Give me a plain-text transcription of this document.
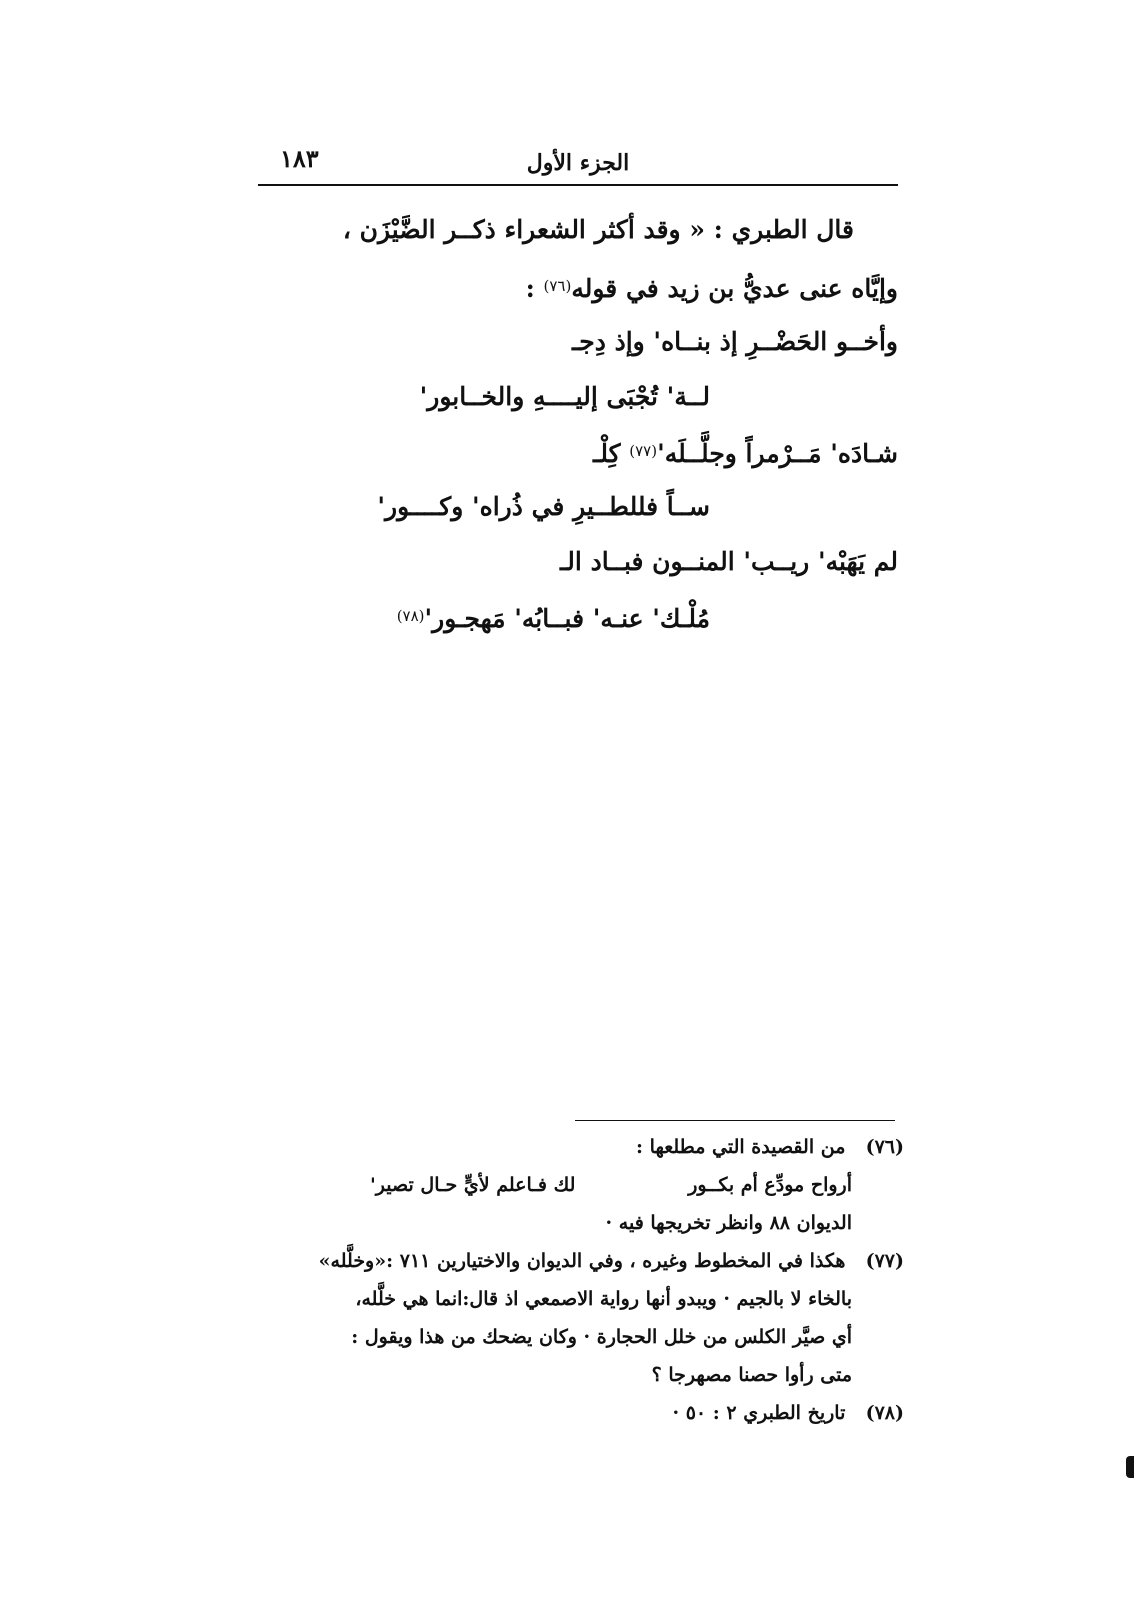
الجزء الأول
١٨٣

قال الطبري : « وقد أكثر الشعراء ذكــر الضَّيْزَن ،

وإيَّاه عنى عديُّ بن زيد في قوله$^{(٧٦)}$ :

وأخــو الحَضْــرِ إذ بنــاه' وإذ دِجـ
لــة' تُجْبَى إليــــهِ والخــابور'
شـادَه' مَــرْمراً وجلَّــلَه'$^{(٧٧)}$ كِلْـ
ســاً فللطــيرِ في ذُراه' وكــــور'
لم يَهَبْه' ريــب' المنــون فبــاد الـ
مُلْـك' عنـه' فبــابُه' مَهجـور'$^{(٧٨)}$
(٧٦) من القصيدة التي مطلعها :
أرواح مودِّع أم بكــور لك فـاعلم لأيٍّ حـال تصير'
الديوان ٨٨ وانظر تخريجها فيه ·
(٧٧) هكذا في المخطوط وغيره ، وفي الديوان والاختيارين ٧١١ :«وخلَّله»
بالخاء لا بالجيم · ويبدو أنها رواية الاصمعي اذ قال:انما هي خلَّله،
أي صيَّر الكلس من خلل الحجارة · وكان يضحك من هذا ويقول :
متى رأوا حصنا مصهرجا ؟
(٧٨) تاريخ الطبري ٢ : ٥٠ ·
